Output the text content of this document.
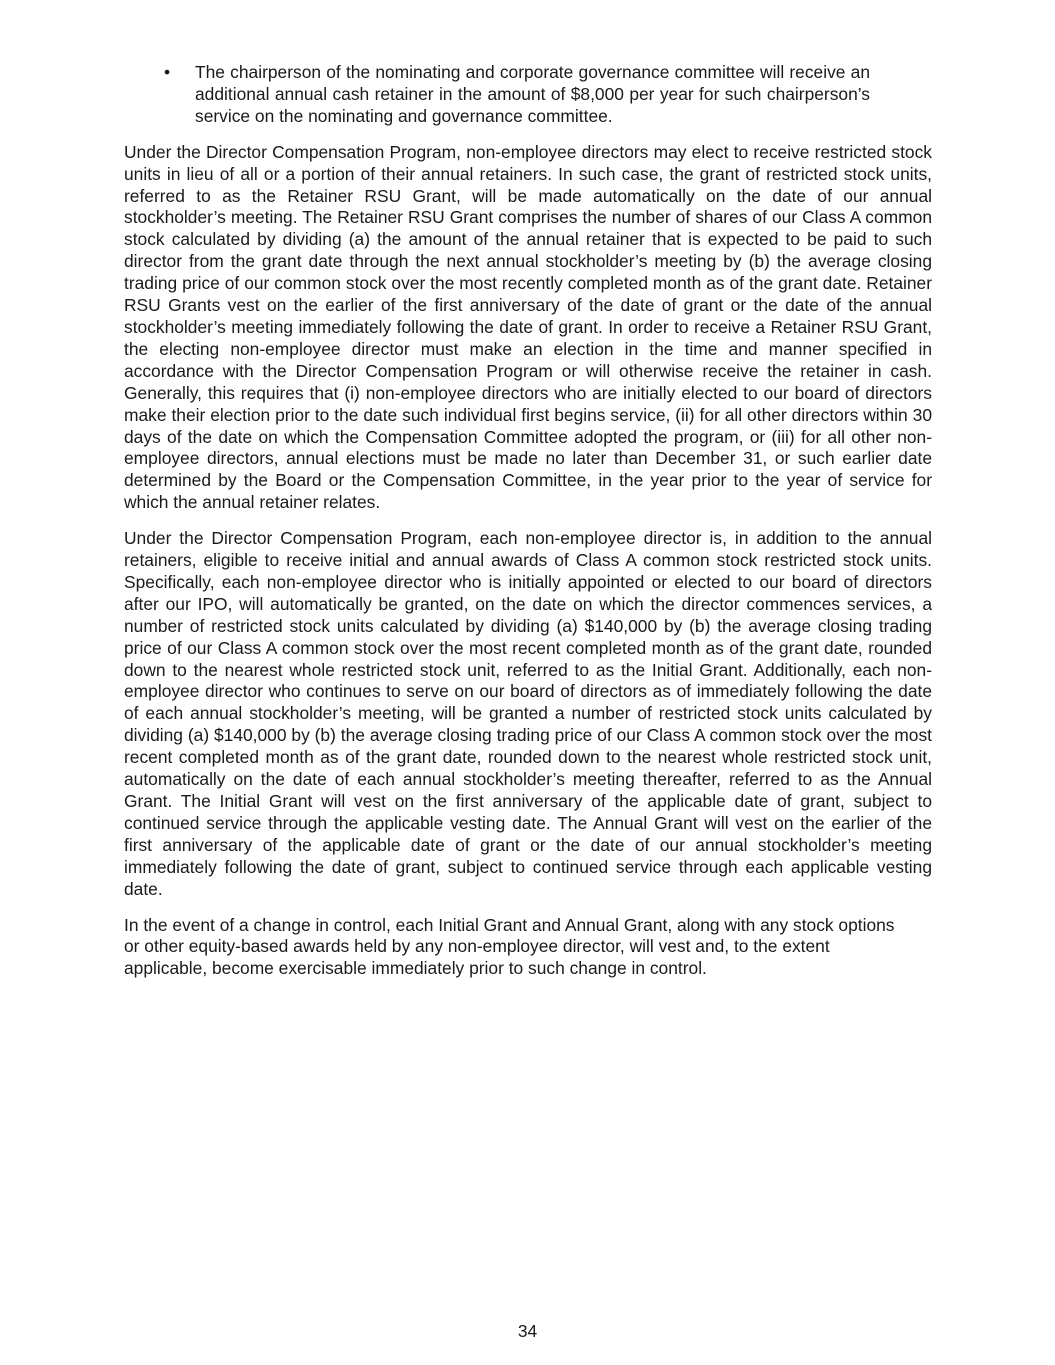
• The chairperson of the nominating and corporate governance committee will receive an additional annual cash retainer in the amount of $8,000 per year for such chairperson’s service on the nominating and governance committee.

Under the Director Compensation Program, non-employee directors may elect to receive restricted stock units in lieu of all or a portion of their annual retainers. In such case, the grant of restricted stock units, referred to as the Retainer RSU Grant, will be made automatically on the date of our annual stockholder’s meeting. The Retainer RSU Grant comprises the number of shares of our Class A common stock calculated by dividing (a) the amount of the annual retainer that is expected to be paid to such director from the grant date through the next annual stockholder’s meeting by (b) the average closing trading price of our common stock over the most recently completed month as of the grant date. Retainer RSU Grants vest on the earlier of the first anniversary of the date of grant or the date of the annual stockholder’s meeting immediately following the date of grant. In order to receive a Retainer RSU Grant, the electing non-employee director must make an election in the time and manner specified in accordance with the Director Compensation Program or will otherwise receive the retainer in cash. Generally, this requires that (i) non-employee directors who are initially elected to our board of directors make their election prior to the date such individual first begins service, (ii) for all other directors within 30 days of the date on which the Compensation Committee adopted the program, or (iii) for all other non-employee directors, annual elections must be made no later than December 31, or such earlier date determined by the Board or the Compensation Committee, in the year prior to the year of service for which the annual retainer relates.

Under the Director Compensation Program, each non-employee director is, in addition to the annual retainers, eligible to receive initial and annual awards of Class A common stock restricted stock units. Specifically, each non-employee director who is initially appointed or elected to our board of directors after our IPO, will automatically be granted, on the date on which the director commences services, a number of restricted stock units calculated by dividing (a) $140,000 by (b) the average closing trading price of our Class A common stock over the most recent completed month as of the grant date, rounded down to the nearest whole restricted stock unit, referred to as the Initial Grant. Additionally, each non-employee director who continues to serve on our board of directors as of immediately following the date of each annual stockholder’s meeting, will be granted a number of restricted stock units calculated by dividing (a) $140,000 by (b) the average closing trading price of our Class A common stock over the most recent completed month as of the grant date, rounded down to the nearest whole restricted stock unit, automatically on the date of each annual stockholder’s meeting thereafter, referred to as the Annual Grant. The Initial Grant will vest on the first anniversary of the applicable date of grant, subject to continued service through the applicable vesting date. The Annual Grant will vest on the earlier of the first anniversary of the applicable date of grant or the date of our annual stockholder’s meeting immediately following the date of grant, subject to continued service through each applicable vesting date.

In the event of a change in control, each Initial Grant and Annual Grant, along with any stock options or other equity-based awards held by any non-employee director, will vest and, to the extent applicable, become exercisable immediately prior to such change in control.

34
